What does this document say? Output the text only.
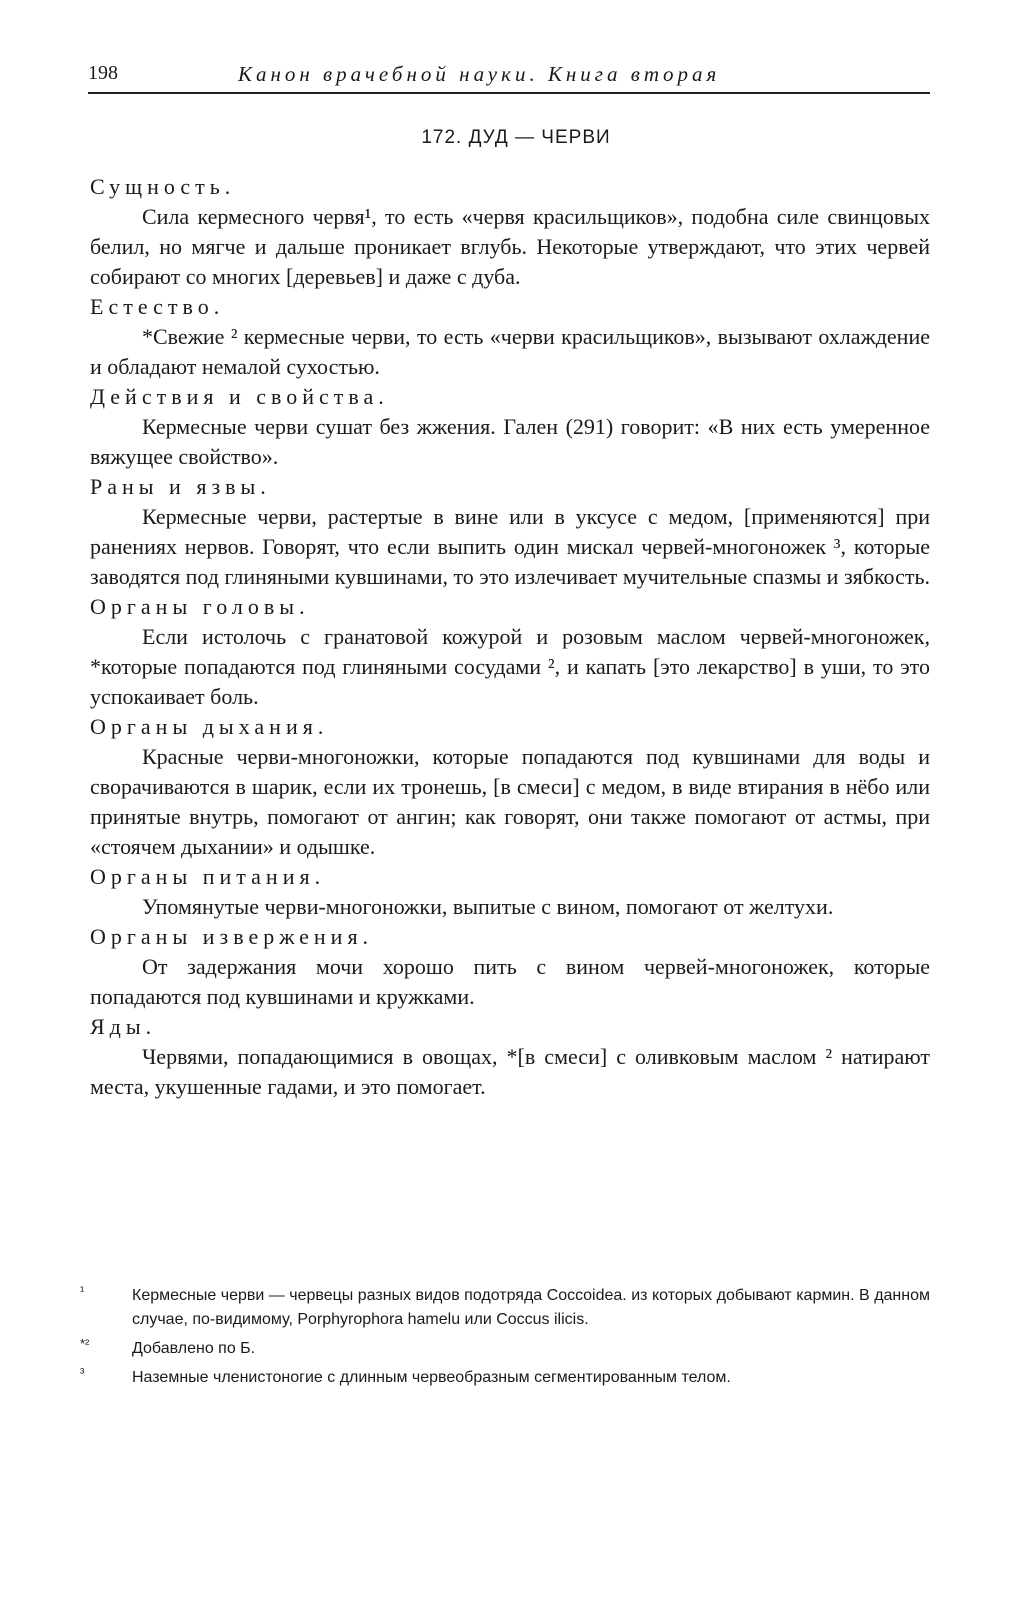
198	Канон врачебной науки. Книга вторая
172. ДУД — ЧЕРВИ

Сущность.

Сила кермесного червя¹, то есть «червя красильщиков», подобна силе свинцовых белил, но мягче и дальше проникает вглубь. Некоторые утверждают, что этих червей собирают со многих [деревьев] и даже с дуба.

Естество.

*Свежие ² кермесные черви, то есть «черви красильщиков», вызывают охлаждение и обладают немалой сухостью.

Действия и свойства.

Кермесные черви сушат без жжения. Гален (291) говорит: «В них есть умеренное вяжущее свойство».

Раны и язвы.

Кермесные черви, растертые в вине или в уксусе с медом, [применяются] при ранениях нервов. Говорят, что если выпить один мискал червей-многоножек ³, которые заводятся под глиняными кувшинами, то это излечивает мучительные спазмы и зябкость.

Органы головы.

Если истолочь с гранатовой кожурой и розовым маслом червей-многоножек, *которые попадаются под глиняными сосудами ², и капать [это лекарство] в уши, то это успокаивает боль.

Органы дыхания.

Красные черви-многоножки, которые попадаются под кувшинами для воды и сворачиваются в шарик, если их тронешь, [в смеси] с медом, в виде втирания в нёбо или принятые внутрь, помогают от ангин; как говорят, они также помогают от астмы, при «стоячем дыхании» и одышке.

Органы питания.

Упомянутые черви-многоножки, выпитые с вином, помогают от желтухи.

Органы извержения.

От задержания мочи хорошо пить с вином червей-многоножек, которые попадаются под кувшинами и кружками.

Яды.

Червями, попадающимися в овощах, *[в смеси] с оливковым маслом ² натирают места, укушенные гадами, и это помогает.

¹	Кермесные черви — червецы разных видов подотряда Coccoidea. из которых добывают кармин. В данном случае, по-видимому, Porphyrophora hamelu или Coccus ilicis.

*²	Добавлено по Б.

³	Наземные членистоногие с длинным червеобразным сегментированным телом.
